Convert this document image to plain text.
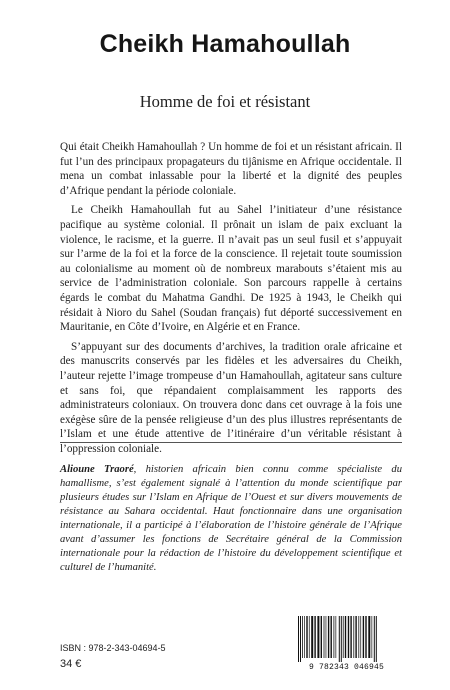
Cheikh Hamahoullah
Homme de foi et résistant

Qui était Cheikh Hamahoullah ? Un homme de foi et un résistant africain. Il fut l’un des principaux propagateurs du tijânisme en Afrique occidentale. Il mena un combat inlassable pour la liberté et la dignité des peuples d’Afrique pendant la période coloniale.

Le Cheikh Hamahoullah fut au Sahel l’initiateur d’une résistance pacifique au système colonial. Il prônait un islam de paix excluant la violence, le racisme, et la guerre. Il n’avait pas un seul fusil et s’appuyait sur l’arme de la foi et la force de la conscience. Il rejetait toute soumission au colonialisme au moment où de nombreux marabouts s’étaient mis au service de l’administration coloniale. Son parcours rappelle à certains égards le combat du Mahatma Gandhi. De 1925 à 1943, le Cheikh qui résidait à Nioro du Sahel (Soudan français) fut déporté successivement en Mauritanie, en Côte d’Ivoire, en Algérie et en France.

S’appuyant sur des documents d’archives, la tradition orale africaine et des manuscrits conservés par les fidèles et les adversaires du Cheikh, l’auteur rejette l’image trompeuse d’un Hamahoullah, agitateur sans culture et sans foi, que répandaient complaisamment les rapports des administrateurs coloniaux. On trouvera donc dans cet ouvrage à la fois une exégèse sûre de la pensée religieuse d’un des plus illustres représentants de l’Islam et une étude attentive de l’itinéraire d’un véritable résistant à l’oppression coloniale.

Alioune Traoré, historien africain bien connu comme spécialiste du hamallisme, s’est également signalé à l’attention du monde scientifique par plusieurs études sur l’Islam en Afrique de l’Ouest et sur divers mouvements de résistance au Sahara occidental. Haut fonctionnaire dans une organisation internationale, il a participé à l’élaboration de l’histoire générale de l’Afrique avant d’assumer les fonctions de Secrétaire général de la Commission internationale pour la rédaction de l’histoire du développement scientifique et culturel de l’humanité.

ISBN : 978-2-343-04694-5
34 €	9 782343 046945
